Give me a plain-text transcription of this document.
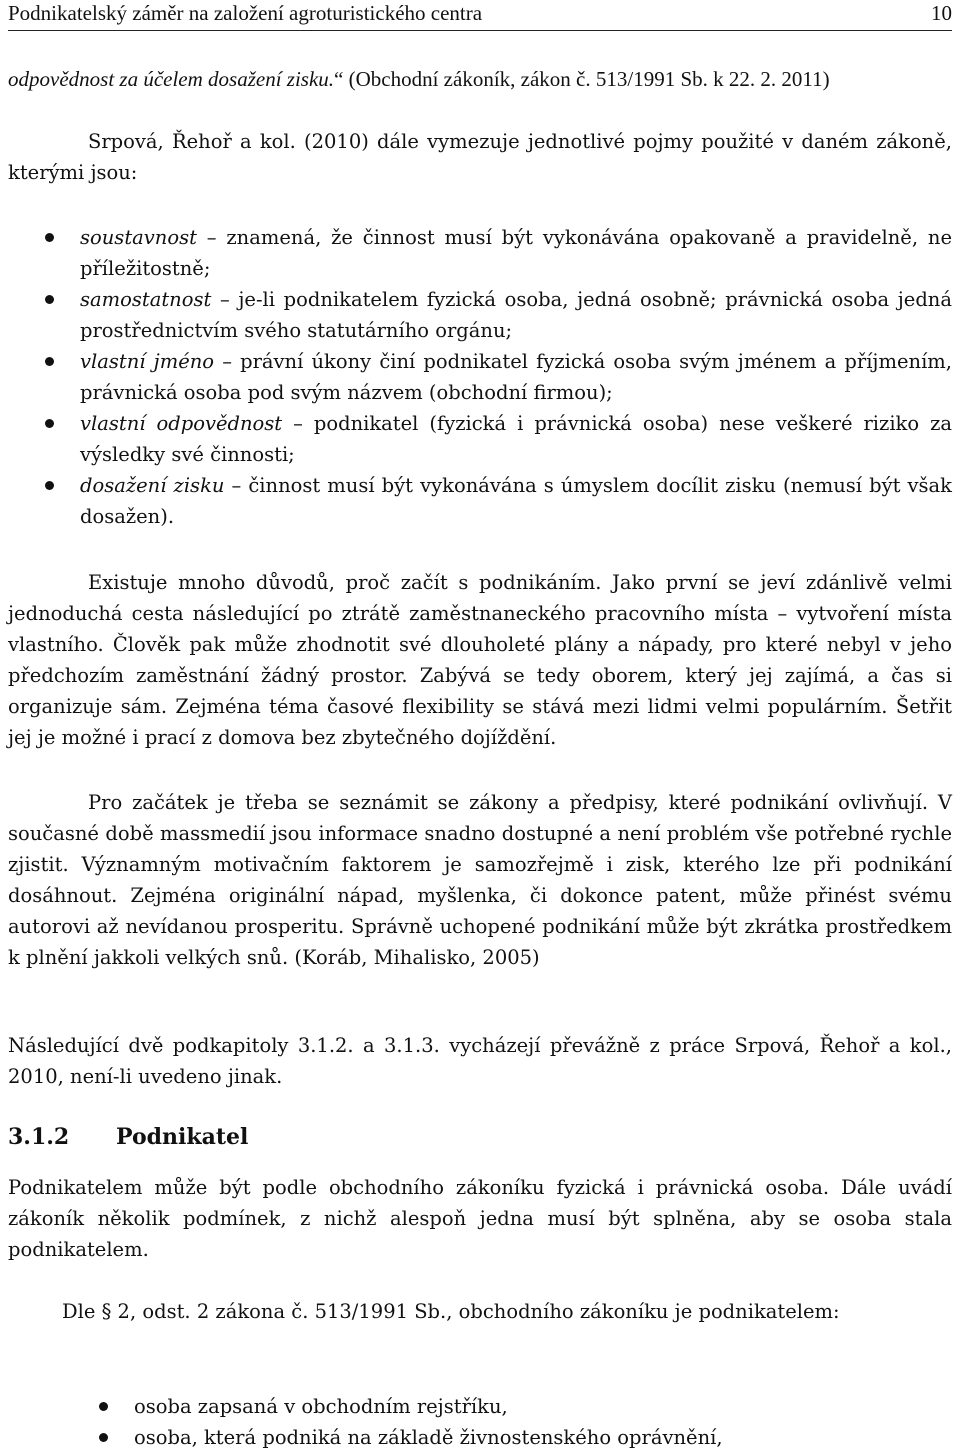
Podnikatelský záměr na založení agroturistického centra	10
odpovědnost za účelem dosažení zisku.“ (Obchodní zákoník, zákon č. 513/1991 Sb. k 22. 2. 2011)
Srpová, Řehoř a kol. (2010) dále vymezuje jednotlivé pojmy použité v daném zákoně, kterými jsou:
soustavnost – znamená, že činnost musí být vykonávána opakovaně a pravidelně, ne příležitostně;
samostatnost – je-li podnikatelem fyzická osoba, jedná osobně; právnická osoba jedná prostřednictvím svého statutárního orgánu;
vlastní jméno – právní úkony činí podnikatel fyzická osoba svým jménem a příjmením, právnická osoba pod svým názvem (obchodní firmou);
vlastní odpovědnost – podnikatel (fyzická i právnická osoba) nese veškeré riziko za výsledky své činnosti;
dosažení zisku – činnost musí být vykonávána s úmyslem docílit zisku (nemusí být však dosažen).
Existuje mnoho důvodů, proč začít s podnikáním. Jako první se jeví zdánlivě velmi jednoduchá cesta následující po ztrátě zaměstnaneckého pracovního místa – vytvoření místa vlastního. Člověk pak může zhodnotit své dlouholeté plány a nápady, pro které nebyl v jeho předchozím zaměstnání žádný prostor. Zabývá se tedy oborem, který jej zajímá, a čas si organizuje sám. Zejména téma časové flexibility se stává mezi lidmi velmi populárním. Šetřit jej je možné i prací z domova bez zbytečného dojíždění.
Pro začátek je třeba se seznámit se zákony a předpisy, které podnikání ovlivňují. V současné době massmedií jsou informace snadno dostupné a není problém vše potřebné rychle zjistit. Významným motivačním faktorem je samozřejmě i zisk, kterého lze při podnikání dosáhnout. Zejména originální nápad, myšlenka, či dokonce patent, může přinést svému autorovi až nevídanou prosperitu. Správně uchopené podnikání může být zkrátka prostředkem k plnění jakkoli velkých snů. (Koráb, Mihalisko, 2005)
Následující dvě podkapitoly 3.1.2. a 3.1.3. vycházejí převážně z práce Srpová, Řehoř a kol., 2010, není-li uvedeno jinak.
3.1.2 Podnikatel
Podnikatelem může být podle obchodního zákoníku fyzická i právnická osoba. Dále uvádí zákoník několik podmínek, z nichž alespoň jedna musí být splněna, aby se osoba stala podnikatelem.
Dle § 2, odst. 2 zákona č. 513/1991 Sb., obchodního zákoníku je podnikatelem:
osoba zapsaná v obchodním rejstříku,
osoba, která podniká na základě živnostenského oprávnění,
